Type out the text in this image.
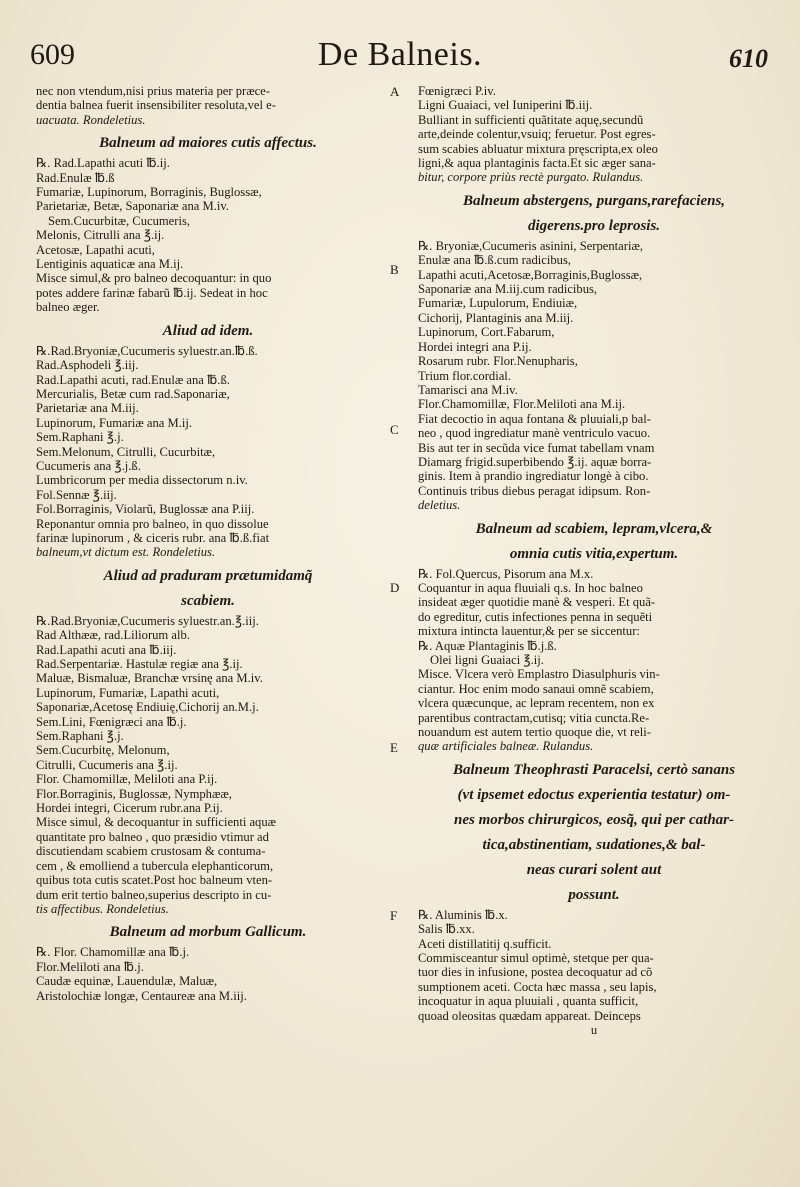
609	De Balneis.	610
A
B
C
D
E
F
nec non vtendum,nisi prius materia per præce-
dentia balnea fuerit insensibiliter resoluta,vel e-
uacuata. Rondeletius.
Balneum ad maiores cutis affectus.
℞. Rad.Lapathi acuti ℔.ij.
Rad.Enulæ ℔.ß
Fumariæ, Lupinorum, Borraginis, Buglossæ,
Parietariæ, Betæ, Saponariæ ana M.iv.
Sem.Cucurbitæ, Cucumeris,
Melonis, Citrulli ana ℥.ij.
Acetosæ, Lapathi acuti,
Lentiginis aquaticæ ana M.ij.
Misce simul,& pro balneo decoquantur: in quo
potes addere farinæ fabarũ ℔.ij. Sedeat in hoc
balneo æger.
Aliud ad idem.
℞.Rad.Bryoniæ,Cucumeris syluestr.an.℔.ß.
Rad.Asphodeli ℥.iij.
Rad.Lapathi acuti, rad.Enulæ ana ℔.ß.
Mercurialis, Betæ cum rad.Saponariæ,
Parietariæ ana M.iij.
Lupinorum, Fumariæ ana M.ij.
Sem.Raphani ℥.j.
Sem.Melonum, Citrulli, Cucurbitæ,
Cucumeris ana ℥.j.ß.
Lumbricorum per media dissectorum n.iv.
Fol.Sennæ ℥.iij.
Fol.Borraginis, Violarũ, Buglossæ ana P.iij.
Reponantur omnia pro balneo, in quo dissolue
farinæ lupinorum , & ciceris rubr. ana ℔.ß.fiat
balneum,vt dictum est. Rondeletius.
Aliud ad praduram prætumidamq̃
scabiem.
℞.Rad.Bryoniæ,Cucumeris syluestr.an.℥.iij.
Rad Althææ, rad.Liliorum alb.
Rad.Lapathi acuti ana ℔.iij.
Rad.Serpentariæ. Hastulæ regiæ ana ℥.ij.
Maluæ, Bismaluæ, Branchæ vrsinę ana M.iv.
Lupinorum, Fumariæ, Lapathi acuti,
Saponariæ,Acetosę Endiuię,Cichorij an.M.j.
Sem.Lini, Fœnigræci ana ℔.j.
Sem.Raphani ℥.j.
Sem.Cucurbitę, Melonum,
Citrulli, Cucumeris ana ℥.ij.
Flor. Chamomillæ, Meliloti ana P.ij.
Flor.Borraginis, Buglossæ, Nymphææ,
Hordei integri, Cicerum rubr.ana P.ij.
Misce simul, & decoquantur in sufficienti aquæ
quantitate pro balneo , quo præsidio vtimur ad
discutiendam scabiem crustosam & contuma-
cem , & emolliend a tubercula elephanticorum,
quibus tota cutis scatet.Post hoc balneum vten-
dum erit tertio balneo,superius descripto in cu-
tis affectibus. Rondeletius.
Balneum ad morbum Gallicum.
℞. Flor. Chamomillæ ana ℔.j.
Flor.Meliloti ana ℔.j.
Caudæ equinæ, Lauendulæ, Maluæ,
Aristolochiæ longæ, Centaureæ ana M.iij.
Fœnigræci P.iv.
Ligni Guaiaci, vel Iuniperini ℔.iij.
Bulliant in sufficienti quãtitate aquę,secundũ
arte,deinde colentur,vsuiq; feruetur. Post egres-
sum scabies abluatur mixtura pręscripta,ex oleo
ligni,& aqua plantaginis facta.Et sic æger sana-
bitur, corpore priùs rectè purgato. Rulandus.
Balneum abstergens, purgans,rarefaciens,
digerens.pro leprosis.
℞. Bryoniæ,Cucumeris asinini, Serpentariæ,
Enulæ ana ℔.ß.cum radicibus,
Lapathi acuti,Acetosæ,Borraginis,Buglossæ,
Saponariæ ana M.iij.cum radicibus,
Fumariæ, Lupulorum, Endiuiæ,
Cichorij, Plantaginis ana M.iij.
Lupinorum, Cort.Fabarum,
Hordei integri ana P.ij.
Rosarum rubr. Flor.Nenupharis,
Trium flor.cordial.
Tamarisci ana M.iv.
Flor.Chamomillæ, Flor.Meliloti ana M.ij.
Fiat decoctio in aqua fontana & pluuiali,p bal-
neo , quod ingrediatur manè ventriculo vacuo.
Bis aut ter in secũda vice fumat tabellam vnam
Diamarg frigid.superbibendo ℥.ij. aquæ borra-
ginis. Item à prandio ingrediatur longè à cibo.
Continuis tribus diebus peragat idipsum. Ron-
deletius.
Balneum ad scabiem, lepram,vlcera,&
omnia cutis vitia,expertum.
℞. Fol.Quercus, Pisorum ana M.x.
Coquantur in aqua fluuiali q.s. In hoc balneo
insideat æger quotidie manè & vesperi. Et quã-
do egreditur, cutis infectiones penna in sequẽti
mixtura intincta lauentur,& per se siccentur:
℞. Aquæ Plantaginis ℔.j.ß.
Olei ligni Guaiaci ℥.ij.
Misce. Vlcera verò Emplastro Diasulphuris vin-
ciantur. Hoc enim modo sanaui omnẽ scabiem,
vlcera quæcunque, ac lepram recentem, non ex
parentibus contractam,cutisq; vitia cuncta.Re-
nouandum est autem tertio quoque die, vt reli-
quæ artificiales balneæ. Rulandus.
Balneum Theophrasti Paracelsi, certò sanans
(vt ipsemet edoctus experientia testatur) om-
nes morbos chirurgicos, eosq̃, qui per cathar-
tica,abstinentiam, sudationes,& bal-
neas curari solent aut
possunt.
℞. Aluminis ℔.x.
Salis ℔.xx.
Aceti distillatitij q.sufficit.
Commisceantur simul optimè, stetque per qua-
tuor dies in infusione, postea decoquatur ad cõ
sumptionem aceti. Cocta hæc massa , seu lapis,
incoquatur in aqua pluuiali , quanta sufficit,
quoad oleositas quædam appareat. Deinceps
u
